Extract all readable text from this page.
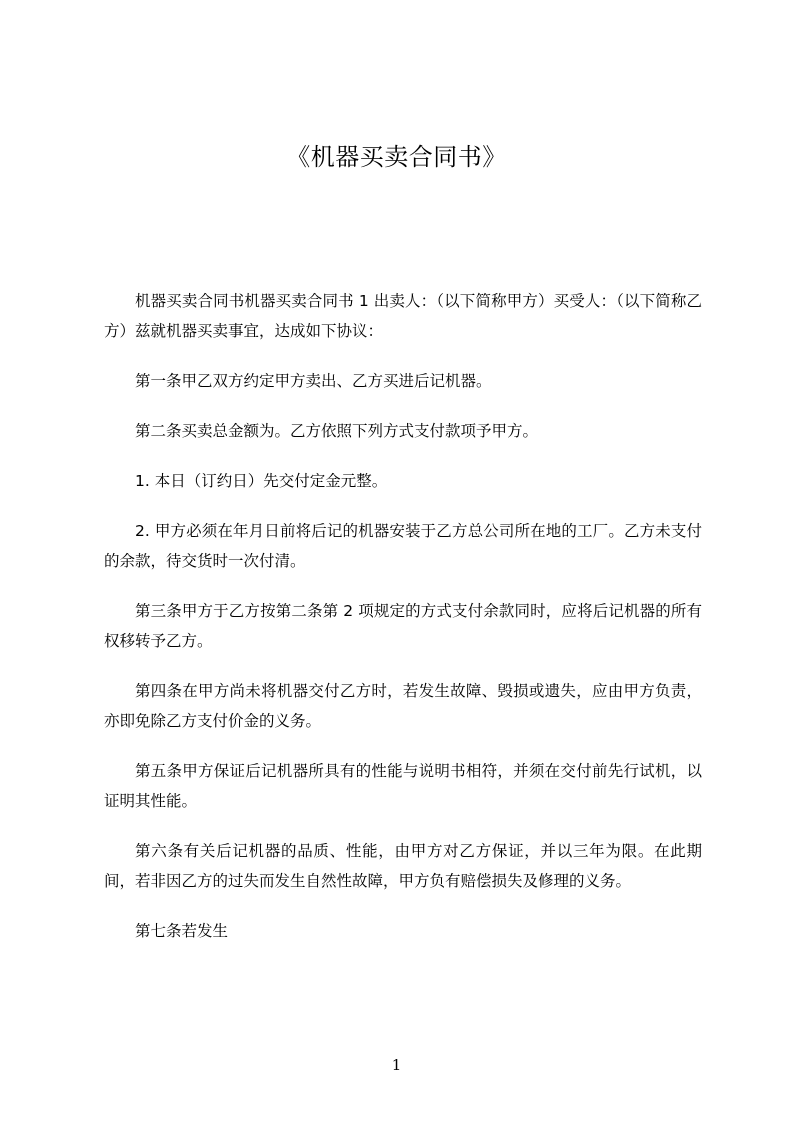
《机器买卖合同书》

机器买卖合同书机器买卖合同书 1 出卖人：（以下简称甲方）买受人：（以下简称乙方）兹就机器买卖事宜，达成如下协议：

第一条甲乙双方约定甲方卖出、乙方买进后记机器。

第二条买卖总金额为。乙方依照下列方式支付款项予甲方。

1. 本日（订约日）先交付定金元整。

2. 甲方必须在年月日前将后记的机器安装于乙方总公司所在地的工厂。乙方未支付的余款，待交货时一次付清。

第三条甲方于乙方按第二条第 2 项规定的方式支付余款同时，应将后记机器的所有权移转予乙方。

第四条在甲方尚未将机器交付乙方时，若发生故障、毁损或遗失，应由甲方负责，亦即免除乙方支付价金的义务。

第五条甲方保证后记机器所具有的性能与说明书相符，并须在交付前先行试机，以证明其性能。

第六条有关后记机器的品质、性能，由甲方对乙方保证，并以三年为限。在此期间，若非因乙方的过失而发生自然性故障，甲方负有赔偿损失及修理的义务。

第七条若发生

1
